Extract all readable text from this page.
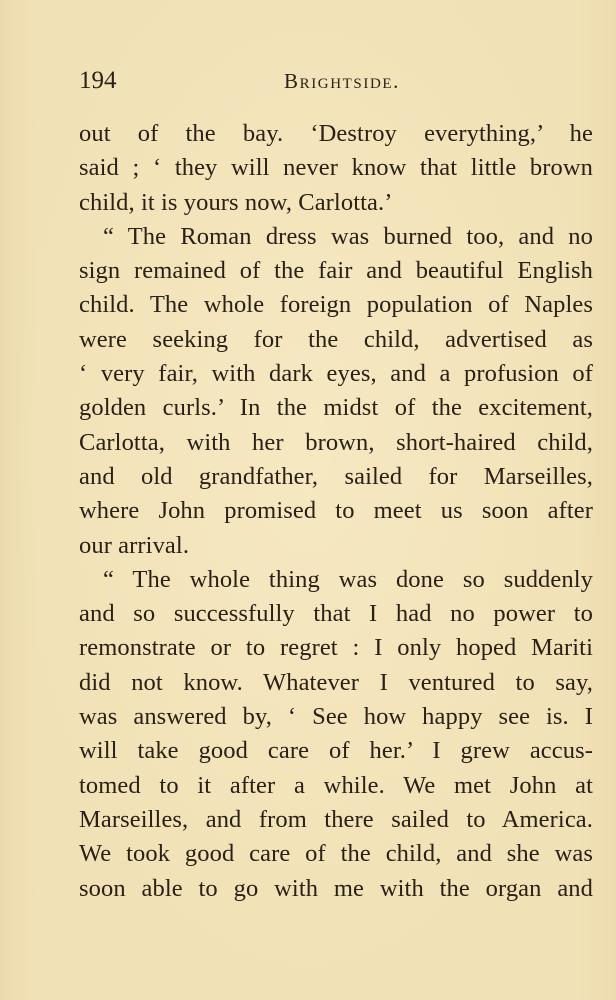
194	Brightside.
out of the bay. ‘Destroy everything,’ he
said ; ‘ they will never know that little brown
child, it is yours now, Carlotta.’
“ The Roman dress was burned too, and no
sign remained of the fair and beautiful English
child. The whole foreign population of Naples
were seeking for the child, advertised as
‘ very fair, with dark eyes, and a profusion of
golden curls.’ In the midst of the excitement,
Carlotta, with her brown, short-haired child,
and old grandfather, sailed for Marseilles,
where John promised to meet us soon after
our arrival.
“ The whole thing was done so suddenly
and so successfully that I had no power to
remonstrate or to regret : I only hoped Mariti
did not know. Whatever I ventured to say,
was answered by, ‘ See how happy see is. I
will take good care of her.’ I grew accus-
tomed to it after a while. We met John at
Marseilles, and from there sailed to America.
We took good care of the child, and she was
soon able to go with me with the organ and
